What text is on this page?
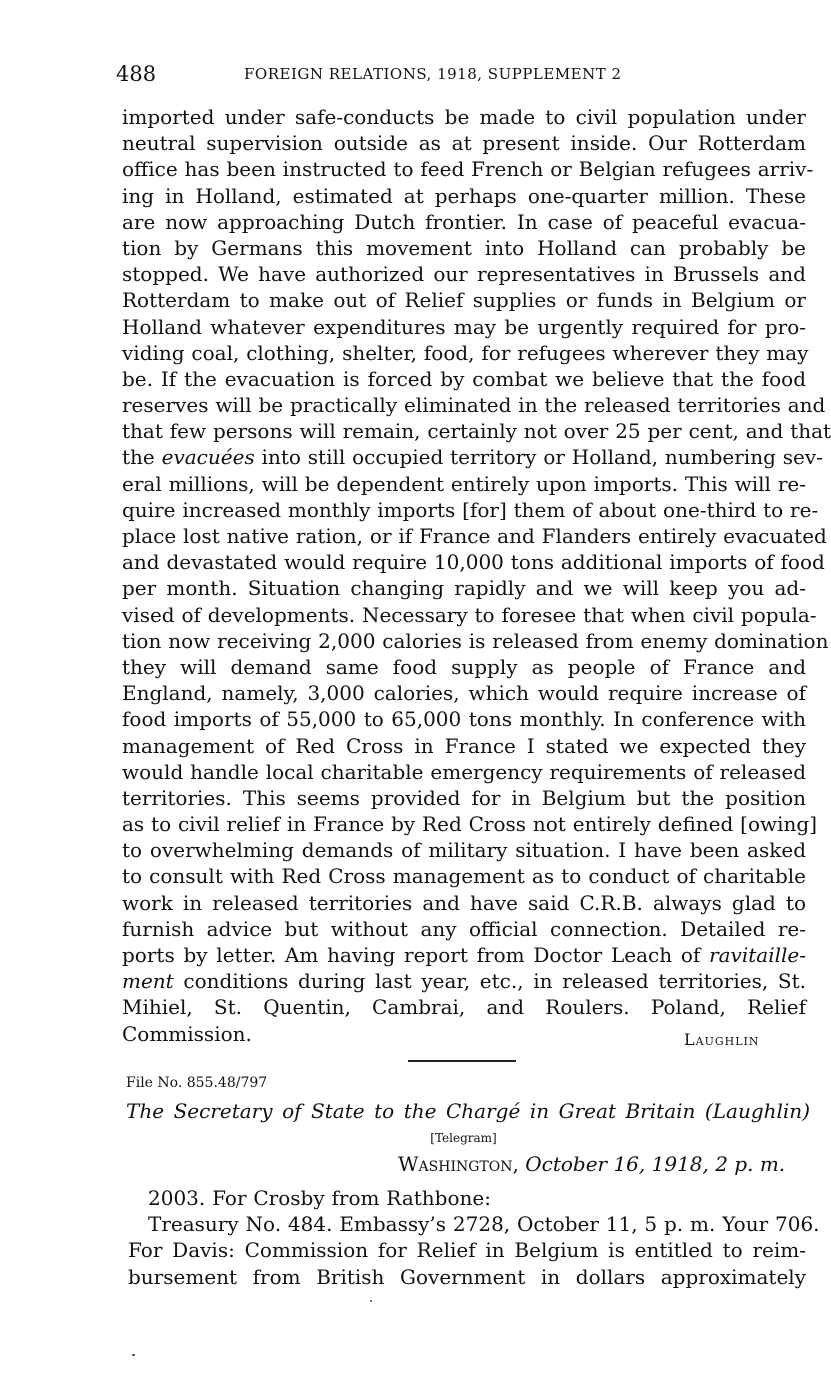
488	FOREIGN RELATIONS, 1918, SUPPLEMENT 2
imported under safe-conducts be made to civil population under
neutral supervision outside as at present inside. Our Rotterdam
office has been instructed to feed French or Belgian refugees arriv-
ing in Holland, estimated at perhaps one-quarter million. These
are now approaching Dutch frontier. In case of peaceful evacua-
tion by Germans this movement into Holland can probably be
stopped. We have authorized our representatives in Brussels and
Rotterdam to make out of Relief supplies or funds in Belgium or
Holland whatever expenditures may be urgently required for pro-
viding coal, clothing, shelter, food, for refugees wherever they may
be. If the evacuation is forced by combat we believe that the food
reserves will be practically eliminated in the released territories and
that few persons will remain, certainly not over 25 per cent, and that
the evacuées into still occupied territory or Holland, numbering sev-
eral millions, will be dependent entirely upon imports. This will re-
quire increased monthly imports [for] them of about one-third to re-
place lost native ration, or if France and Flanders entirely evacuated
and devastated would require 10,000 tons additional imports of food
per month. Situation changing rapidly and we will keep you ad-
vised of developments. Necessary to foresee that when civil popula-
tion now receiving 2,000 calories is released from enemy domination
they will demand same food supply as people of France and
England, namely, 3,000 calories, which would require increase of
food imports of 55,000 to 65,000 tons monthly. In conference with
management of Red Cross in France I stated we expected they
would handle local charitable emergency requirements of released
territories. This seems provided for in Belgium but the position
as to civil relief in France by Red Cross not entirely defined [owing]
to overwhelming demands of military situation. I have been asked
to consult with Red Cross management as to conduct of charitable
work in released territories and have said C.R.B. always glad to
furnish advice but without any official connection. Detailed re-
ports by letter. Am having report from Doctor Leach of ravitaille-
ment conditions during last year, etc., in released territories, St.
Mihiel, St. Quentin, Cambrai, and Roulers. Poland, Relief
Commission.	Laughlin
File No. 855.48/797
The Secretary of State to the Chargé in Great Britain (Laughlin)
[Telegram]
Washington, October 16, 1918, 2 p. m.
2003. For Crosby from Rathbone:
Treasury No. 484. Embassy’s 2728, October 11, 5 p. m. Your 706.
For Davis: Commission for Relief in Belgium is entitled to reim-
bursement from British Government in dollars approximately
